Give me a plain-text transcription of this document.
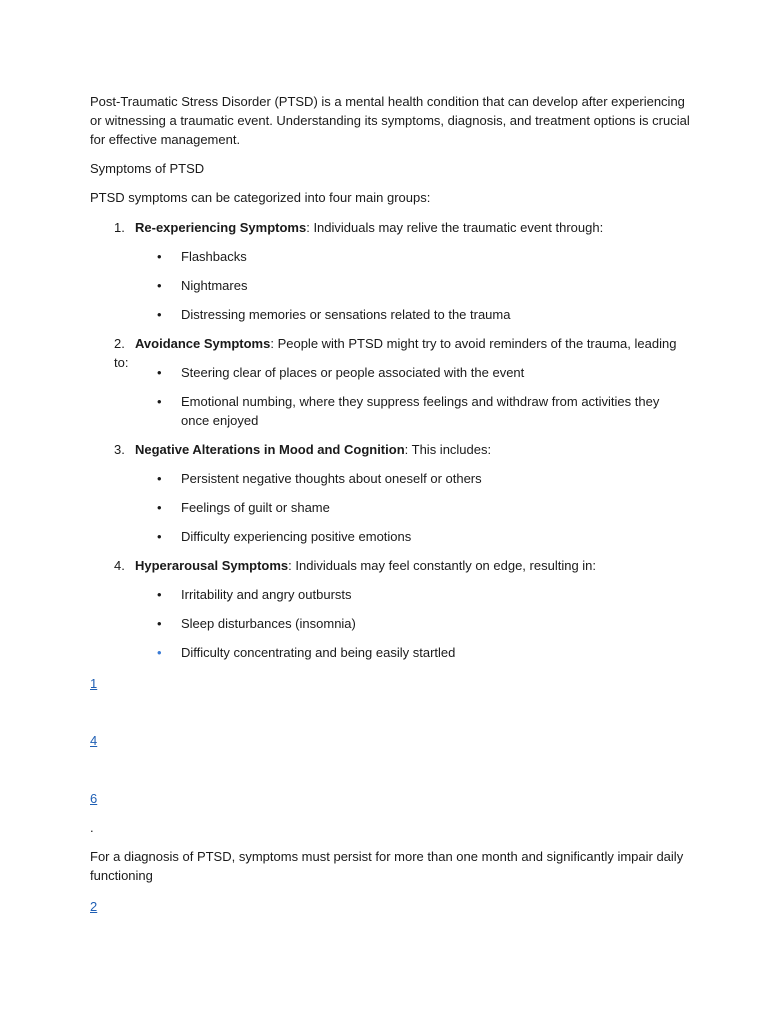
Post-Traumatic Stress Disorder (PTSD) is a mental health condition that can develop after experiencing or witnessing a traumatic event. Understanding its symptoms, diagnosis, and treatment options is crucial for effective management.

Symptoms of PTSD

PTSD symptoms can be categorized into four main groups:

1. Re-experiencing Symptoms: Individuals may relive the traumatic event through:
•	Flashbacks
•	Nightmares
•	Distressing memories or sensations related to the trauma
2. Avoidance Symptoms: People with PTSD might try to avoid reminders of the trauma, leading to:
•	Steering clear of places or people associated with the event
•	Emotional numbing, where they suppress feelings and withdraw from activities they once enjoyed
3. Negative Alterations in Mood and Cognition: This includes:
•	Persistent negative thoughts about oneself or others
•	Feelings of guilt or shame
•	Difficulty experiencing positive emotions
4. Hyperarousal Symptoms: Individuals may feel constantly on edge, resulting in:
•	Irritability and angry outbursts
•	Sleep disturbances (insomnia)
•	Difficulty concentrating and being easily startled
1
4
6
.

For a diagnosis of PTSD, symptoms must persist for more than one month and significantly impair daily functioning

2
